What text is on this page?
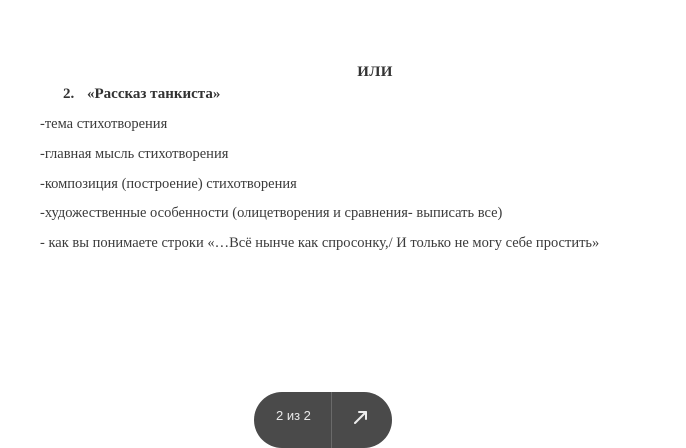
ИЛИ
2. «Рассказ танкиста»
-тема стихотворения
-главная мысль стихотворения
-композиция (построение) стихотворения
-художественные особенности (олицетворения и сравнения- выписать все)
- как вы понимаете строки «…Всё нынче как спросонку,/ И только не могу себе простить»
2 из 2
